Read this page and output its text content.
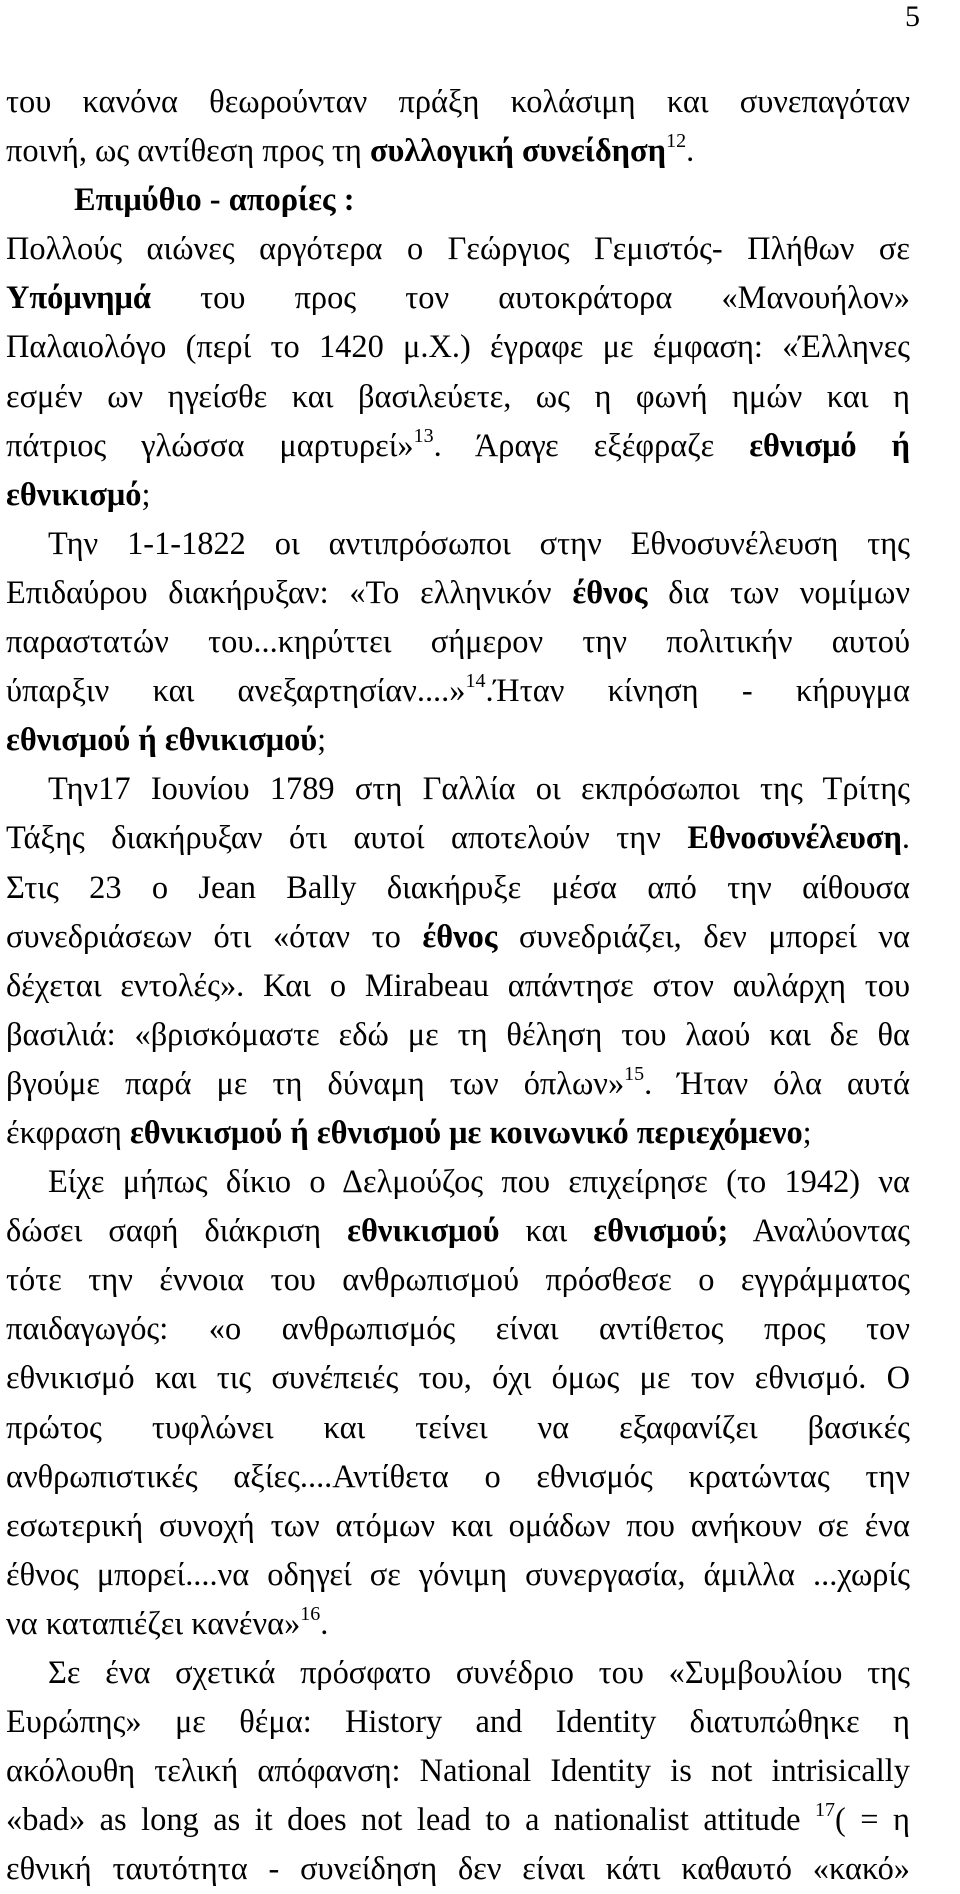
5
του κανόνα θεωρούνταν πράξη κολάσιμη και συνεπαγόταν
ποινή, ως αντίθεση προς τη συλλογική συνείδηση$^{12}$.
Επιμύθιο - απορίες :
Πολλούς αιώνες αργότερα ο Γεώργιος Γεμιστός- Πλήθων σε
Υπόμνημά του προς τον αυτοκράτορα «Μανουήλον»
Παλαιολόγο (περί το 1420 μ.Χ.) έγραφε με έμφαση: «Έλληνες
εσμέν ων ηγείσθε και βασιλεύετε, ως η φωνή ημών και η
πάτριος γλώσσα μαρτυρεί»$^{13}$. Άραγε εξέφραζε εθνισμό ή
εθνικισμό;
Την 1-1-1822 οι αντιπρόσωποι στην Εθνοσυνέλευση της
Επιδαύρου διακήρυξαν: «Το ελληνικόν έθνος δια των νομίμων
παραστατών του...κηρύττει σήμερον την πολιτικήν αυτού
ύπαρξιν και ανεξαρτησίαν....»$^{14}$.Ήταν κίνηση - κήρυγμα
εθνισμού ή εθνικισμού;
Την17 Ιουνίου 1789 στη Γαλλία οι εκπρόσωποι της Τρίτης
Τάξης διακήρυξαν ότι αυτοί αποτελούν την Εθνοσυνέλευση.
Στις 23 ο Jean Bally διακήρυξε μέσα από την αίθουσα
συνεδριάσεων ότι «όταν το έθνος συνεδριάζει, δεν μπορεί να
δέχεται εντολές». Και ο Mirabeau απάντησε στον αυλάρχη του
βασιλιά: «βρισκόμαστε εδώ με τη θέληση του λαού και δε θα
βγούμε παρά με τη δύναμη των όπλων»$^{15}$. Ήταν όλα αυτά
έκφραση εθνικισμού ή εθνισμού με κοινωνικό περιεχόμενο;
Είχε μήπως δίκιο ο Δελμούζος που επιχείρησε (το 1942) να
δώσει σαφή διάκριση εθνικισμού και εθνισμού; Αναλύοντας
τότε την έννοια του ανθρωπισμού πρόσθεσε ο εγγράμματος
παιδαγωγός: «ο ανθρωπισμός είναι αντίθετος προς τον
εθνικισμό και τις συνέπειές του, όχι όμως με τον εθνισμό. Ο
πρώτος τυφλώνει και τείνει να εξαφανίζει βασικές
ανθρωπιστικές αξίες....Αντίθετα ο εθνισμός κρατώντας την
εσωτερική συνοχή των ατόμων και ομάδων που ανήκουν σε ένα
έθνος μπορεί....να οδηγεί σε γόνιμη συνεργασία, άμιλλα ...χωρίς
να καταπιέζει κανένα»$^{16}$.
Σε ένα σχετικά πρόσφατο συνέδριο του «Συμβουλίου της
Ευρώπης» με θέμα: History and Identity διατυπώθηκε η
ακόλουθη τελική απόφανση: National Identity is not intrisically
«bad» as long as it does not lead to a nationalist attitude $^{17}$( = η
εθνική ταυτότητα - συνείδηση δεν είναι κάτι καθαυτό «κακό»
